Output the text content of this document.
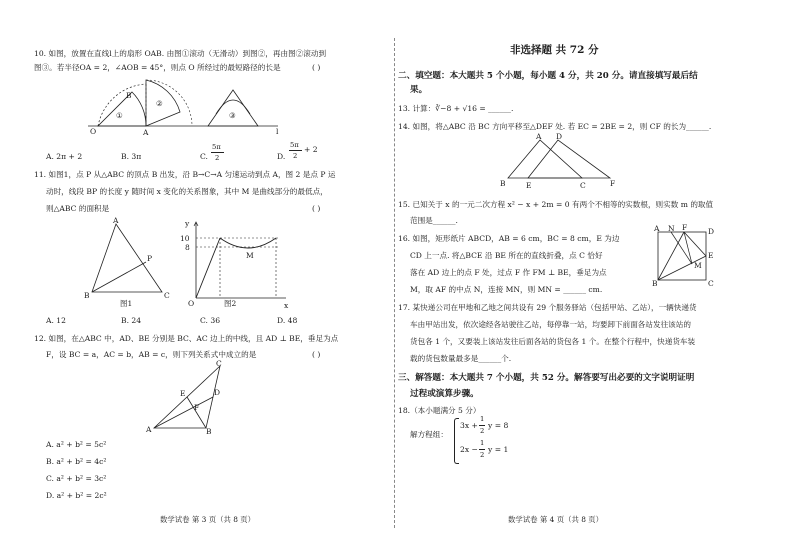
10. 如图，放置在直线l上的扇形 OAB. 由图①滚动（无滑动）到图②，再由图②滚动到
图③。若半径OA = 2，∠AOB = 45°，则点 O 所经过的最短路径的长是	( )
O	A
B
l
①
②
③
A. 2π + 2	B. 3π	C.
5π
2	D.
5π
2
+ 2
11. 如图1，点 P 从△ABC 的顶点 B 出发，沿 B→C→A 匀速运动到点 A，图 2 是点 P 运
动时，线段 BP 的长度 y 随时间 x 变化的关系图象，其中 M 是曲线部分的最低点，
则△ABC 的面积是	( )
A
B	C
P
图1
y
x
O
10
8
M
图2
A. 12	B. 24	C. 36	D. 48
12. 如图，在△ABC 中，AD、BE 分别是 BC、AC 边上的中线，且 AD ⊥ BE，垂足为点
F，设 BC = a，AC = b，AB = c，则下列关系式中成立的是	( )
C
A	B
D
E
F
A. a² + b² = 5c²
B. a² + b² = 4c²
C. a² + b² = 3c²
D. a² + b² = 2c²
数学试卷 第 3 页（共 8 页）
非选择题 共 72 分
二、填空题：本大题共 5 个小题，每小题 4 分，共 20 分。请直接填写最后结
果。
13. 计算：∛−8 + √16 = ______.
14. 如图，将△ABC 沿 BC 方向平移至△DEF 处. 若 EC = 2BE = 2，则 CF 的长为______.
A D
B	E	C	F
15. 已知关于 x 的一元二次方程 x² − x + 2m = 0 有两个不相等的实数根，则实数 m 的取值
范围是______.
16. 如图，矩形纸片 ABCD，AB = 6 cm，BC = 8 cm，E 为边
CD 上一点. 将△BCE 沿 BE 所在的直线折叠，点 C 恰好
落在 AD 边上的点 F 处，过点 F 作 FM ⊥ BE，垂足为点
M，取 AF 的中点 N，连接 MN，则 MN = ______ cm.
A N F	D
E
M
B	C
17. 某快递公司在甲地和乙地之间共设有 29 个服务驿站（包括甲站、乙站），一辆快递货
车由甲站出发，依次途经各站驶往乙站，每停靠一站，均要卸下前面各站发往该站的
货包各 1 个，又要装上该站发往后面各站的货包各 1 个。在整个行程中，快递货车装
载的货包数量最多是______个.
三、解答题：本大题共 7 个小题，共 52 分。解答要写出必要的文字说明证明
过程或演算步骤。
18.（本小题满分 5 分）
解方程组：
3x +
1
2
y = 8
2x −
1
2
y = 1
数学试卷 第 4 页（共 8 页）
